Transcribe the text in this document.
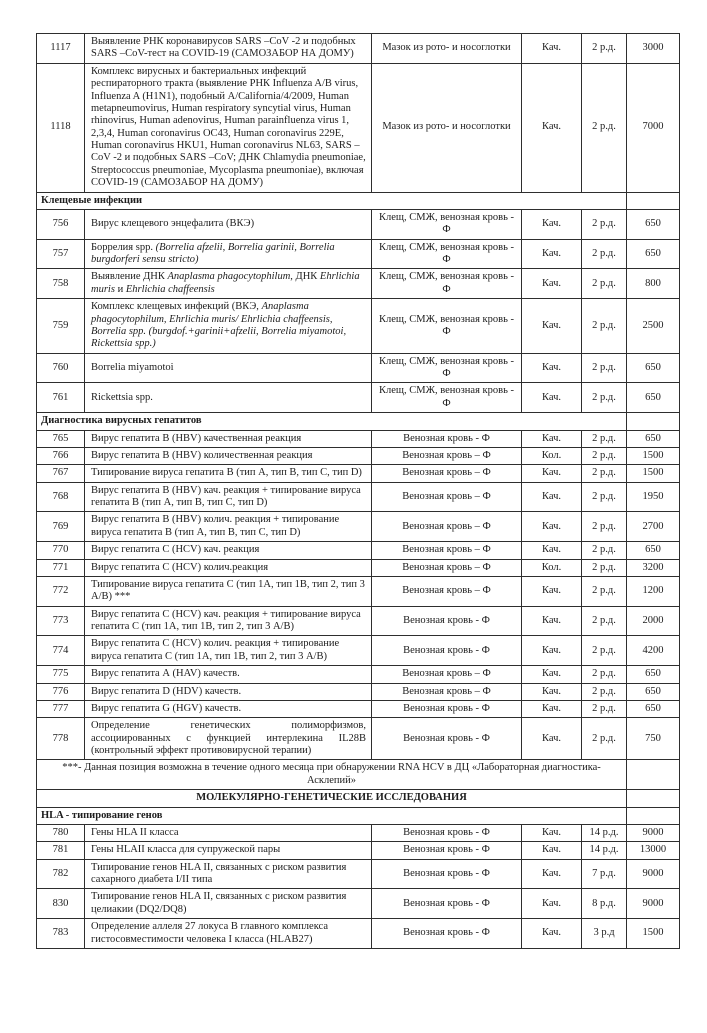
1117	Выявление РНК коронавирусов SARS –CoV -2 и подобных SARS –CoV-тест на COVID-19 (САМОЗАБОР НА ДОМУ)	Мазок из рото- и носоглотки	Кач.	2 р.д.	3000
1118	Комплекс вирусных и бактериальных инфекций респираторного тракта (выявление РНК Influenza A/B virus, Influenza A (H1N1), подобный A/California/4/2009, Human metapneumovirus, Human respiratory syncytial virus, Human rhinovirus, Human adenovirus, Human parainfluenza virus 1, 2,3,4, Human coronavirus OC43, Human coronavirus 229E, Human coronavirus HKU1, Human coronavirus NL63, SARS –CoV -2 и подобных SARS –CoV; ДНК Chlamydia pneumoniae, Streptococcus pneumoniae, Mycoplasma pneumoniae), включая COVID-19 (САМОЗАБОР НА ДОМУ)	Мазок из рото- и носоглотки	Кач.	2 р.д.	7000
Клещевые инфекции					
756	Вирус клещевого энцефалита (ВКЭ)	Клещ, СМЖ, венозная кровь - Ф	Кач.	2 р.д.	650
757	Боррелия spp. (Borrelia afzelii, Borrelia garinii, Borrelia burgdorferi sensu stricto)	Клещ, СМЖ, венозная кровь - Ф	Кач.	2 р.д.	650
758	Выявление ДНК Anaplasma phagocytophilum, ДНК Ehrlichia muris и Ehrlichia chaffeensis	Клещ, СМЖ, венозная кровь - Ф	Кач.	2 р.д.	800
759	Комплекс клещевых инфекций (ВКЭ, Anaplasma phagocytophilum, Ehrlichia muris/ Ehrlichia chaffeensis, Borrelia spp. (burgdof.+garinii+afzelii, Borrelia miyamotoi, Rickettsia spp.)	Клещ, СМЖ, венозная кровь - Ф	Кач.	2 р.д.	2500
760	Borrelia miyamotoi	Клещ, СМЖ, венозная кровь - Ф	Кач.	2 р.д.	650
761	Rickettsia spp.	Клещ, СМЖ, венозная кровь - Ф	Кач.	2 р.д.	650
Диагностика вирусных гепатитов					
765	Вирус гепатита В (HBV) качественная реакция	Венозная кровь - Ф	Кач.	2 р.д.	650
766	Вирус гепатита В (HBV) количественная реакция	Венозная кровь – Ф	Кол.	2 р.д.	1500
767	Типирование вируса гепатита В (тип А, тип В, тип С, тип D)	Венозная кровь – Ф	Кач.	2 р.д.	1500
768	Вирус гепатита В (HBV) кач. реакция + типирование вируса гепатита В (тип А, тип В, тип С, тип D)	Венозная кровь – Ф	Кач.	2 р.д.	1950
769	Вирус гепатита В (HBV) колич. реакция + типирование вируса гепатита В (тип А, тип В, тип С, тип D)	Венозная кровь – Ф	Кач.	2 р.д.	2700
770	Вирус гепатита С (HCV) кач. реакция	Венозная кровь – Ф	Кач.	2 р.д.	650
771	Вирус гепатита С (HCV) колич.реакция	Венозная кровь – Ф	Кол.	2 р.д.	3200
772	Типирование вируса гепатита С (тип 1А, тип 1В, тип 2, тип 3 А/В) ***	Венозная кровь – Ф	Кач.	2 р.д.	1200
773	Вирус гепатита С (HCV) кач. реакция + типирование вируса гепатита С (тип 1А, тип 1В, тип 2, тип 3 А/В)	Венозная кровь - Ф	Кач.	2 р.д.	2000
774	Вирус гепатита С (HCV) колич. реакция + типирование вируса гепатита С (тип 1А, тип 1В, тип 2, тип 3 А/В)	Венозная кровь - Ф	Кач.	2 р.д.	4200
775	Вирус гепатита А (HAV) качеств.	Венозная кровь – Ф	Кач.	2 р.д.	650
776	Вирус гепатита D (HDV) качеств.	Венозная кровь – Ф	Кач.	2 р.д.	650
777	Вирус гепатита G (HGV) качеств.	Венозная кровь - Ф	Кач.	2 р.д.	650
778	Определение генетических полиморфизмов, ассоциированных с функцией интерлекина IL28B (контрольный эффект противовирусной терапии)	Венозная кровь - Ф	Кач.	2 р.д.	750
***- Данная позиция возможна в течение одного месяца при обнаружении RNA HCV в ДЦ «Лабораторная диагностика-Асклепий»					
МОЛЕКУЛЯРНО-ГЕНЕТИЧЕСКИЕ ИССЛЕДОВАНИЯ					
HLA - типирование генов					
780	Гены HLA II класса	Венозная кровь - Ф	Кач.	14 р.д.	9000
781	Гены HLAII класса для супружеской пары	Венозная кровь - Ф	Кач.	14 р.д.	13000
782	Типирование генов HLA II, связанных с риском развития сахарного диабета I/II типа	Венозная кровь - Ф	Кач.	7 р.д.	9000
830	Типирование генов HLA II, связанных с риском развития целиакии (DQ2/DQ8)	Венозная кровь - Ф	Кач.	8 р.д.	9000
783	Определение аллеля 27 локуса В главного комплекса гистосовместимости человека I класса (HLAB27)	Венозная кровь - Ф	Кач.	3 р.д	1500
